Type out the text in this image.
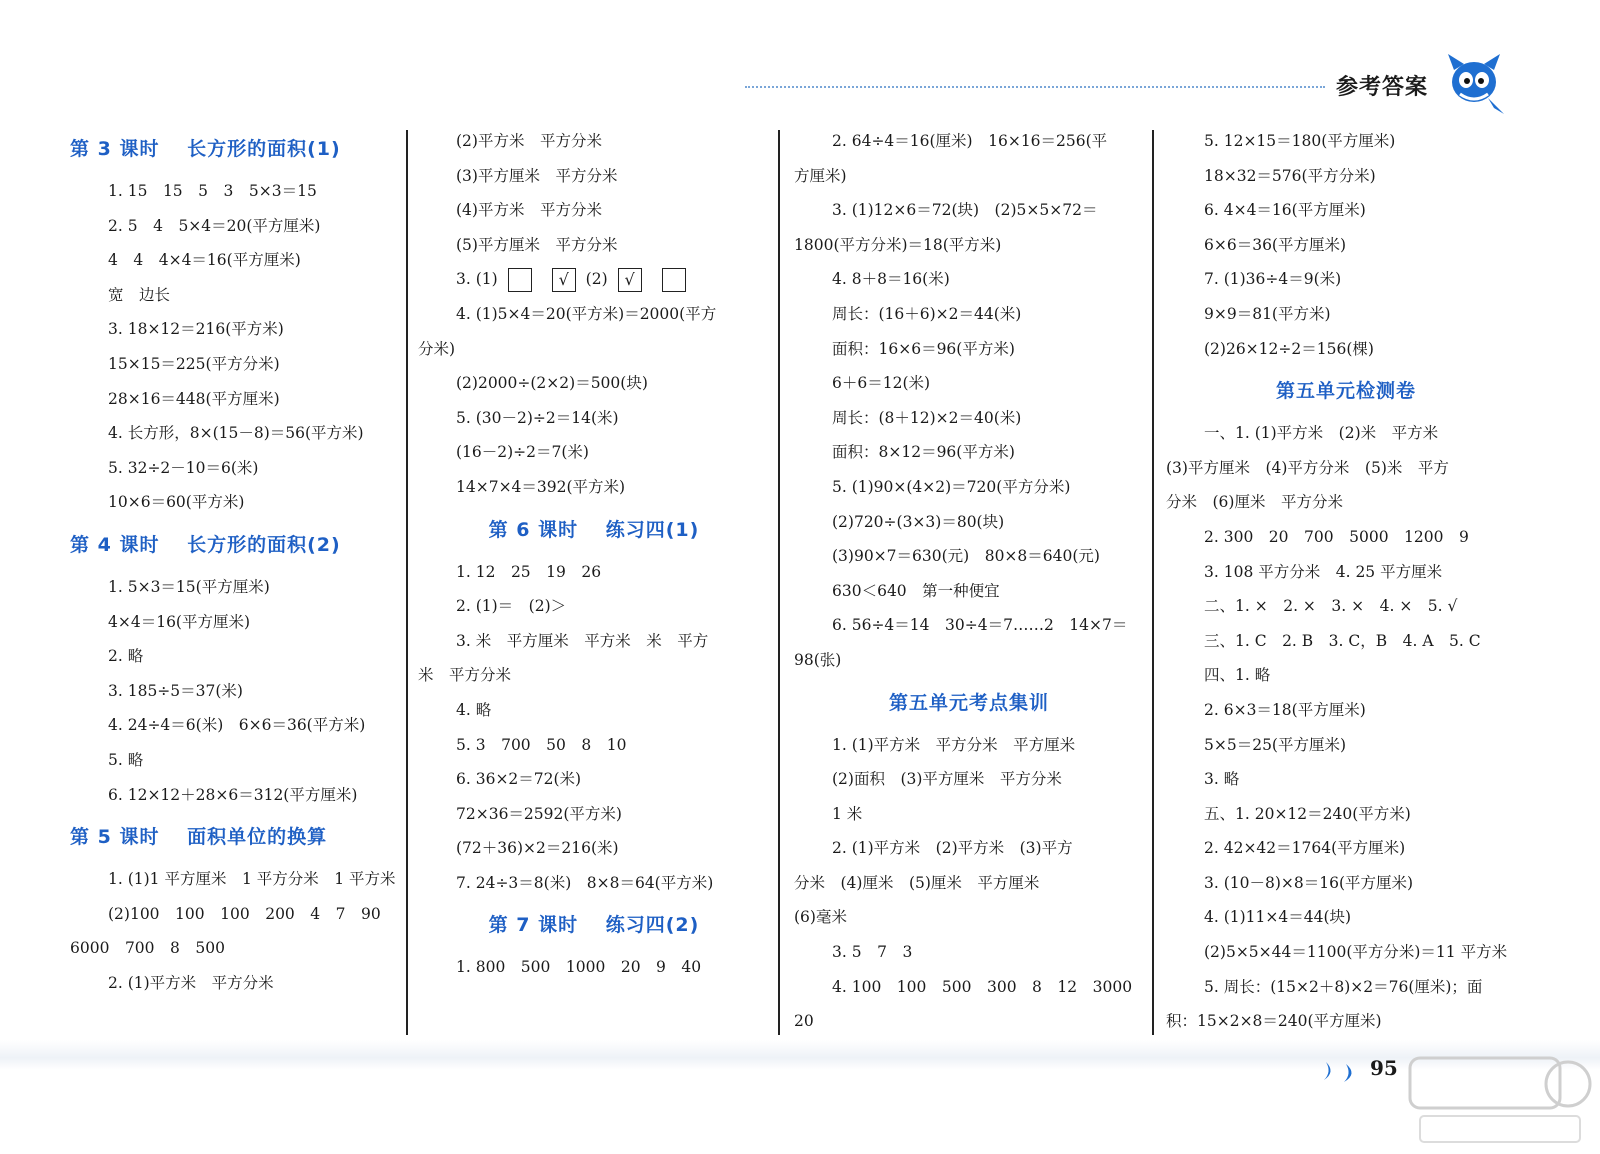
参考答案
第 3 课时　 长方形的面积(1)
1. 15　15　5　3　5×3＝15
2. 5　4　5×4＝20(平方厘米)
4　4　4×4＝16(平方厘米)
宽　边长
3. 18×12＝216(平方米)
15×15＝225(平方分米)
28×16＝448(平方厘米)
4. 长方形，8×(15－8)＝56(平方米)
5. 32÷2－10＝6(米)
10×6＝60(平方米)
第 4 课时　 长方形的面积(2)
1. 5×3＝15(平方厘米)
4×4＝16(平方厘米)
2. 略
3. 185÷5＝37(米)
4. 24÷4＝6(米)　6×6＝36(平方米)
5. 略
6. 12×12＋28×6＝312(平方厘米)
第 5 课时　 面积单位的换算
1. (1)1 平方厘米　1 平方分米　1 平方米
(2)100　100　100　200　4　7　90
6000　700　8　500
2. (1)平方米　平方分米
(2)平方米　平方分米
(3)平方厘米　平方分米
(4)平方米　平方分米
(5)平方厘米　平方分米
3. (1)	√ (2) √
4. (1)5×4＝20(平方米)＝2000(平方
分米)
(2)2000÷(2×2)＝500(块)
5. (30－2)÷2＝14(米)
(16－2)÷2＝7(米)
14×7×4＝392(平方米)
第 6 课时　 练习四(1)
1. 12　25　19　26
2. (1)＝　(2)＞
3. 米　平方厘米　平方米　米　平方
米　平方分米
4. 略
5. 3　700　50　8　10
6. 36×2＝72(米)
72×36＝2592(平方米)
(72＋36)×2＝216(米)
7. 24÷3＝8(米)　8×8＝64(平方米)
第 7 课时　 练习四(2)
1. 800　500　1000　20　9　40
2. 64÷4＝16(厘米)　16×16＝256(平
方厘米)
3. (1)12×6＝72(块)　(2)5×5×72＝
1800(平方分米)＝18(平方米)
4. 8＋8＝16(米)
周长：(16＋6)×2＝44(米)
面积：16×6＝96(平方米)
6＋6＝12(米)
周长：(8＋12)×2＝40(米)
面积：8×12＝96(平方米)
5. (1)90×(4×2)＝720(平方分米)
(2)720÷(3×3)＝80(块)
(3)90×7＝630(元)　80×8＝640(元)
630＜640　第一种便宜
6. 56÷4＝14　30÷4＝7……2　14×7＝
98(张)
第五单元考点集训
1. (1)平方米　平方分米　平方厘米
(2)面积　(3)平方厘米　平方分米
1 米
2. (1)平方米　(2)平方米　(3)平方
分米　(4)厘米　(5)厘米　平方厘米
(6)毫米
3. 5　7　3
4. 100　100　500　300　8　12　3000
20
5. 12×15＝180(平方厘米)
18×32＝576(平方分米)
6. 4×4＝16(平方厘米)
6×6＝36(平方厘米)
7. (1)36÷4＝9(米)
9×9＝81(平方米)
(2)26×12÷2＝156(棵)
第五单元检测卷
一、1. (1)平方米　(2)米　平方米
(3)平方厘米　(4)平方分米　(5)米　平方
分米　(6)厘米　平方分米
2. 300　20　700　5000　1200　9
3. 108 平方分米　4. 25 平方厘米
二、1. ×　2. ×　3. ×　4. ×　5. √
三、1. C　2. B　3. C，B　4. A　5. C
四、1. 略
2. 6×3＝18(平方厘米)
5×5＝25(平方厘米)
3. 略
五、1. 20×12＝240(平方米)
2. 42×42＝1764(平方厘米)
3. (10－8)×8＝16(平方厘米)
4. (1)11×4＝44(块)
(2)5×5×44＝1100(平方分米)＝11 平方米
5. 周长：(15×2＋8)×2＝76(厘米)；面
积：15×2×8＝240(平方厘米)
95
